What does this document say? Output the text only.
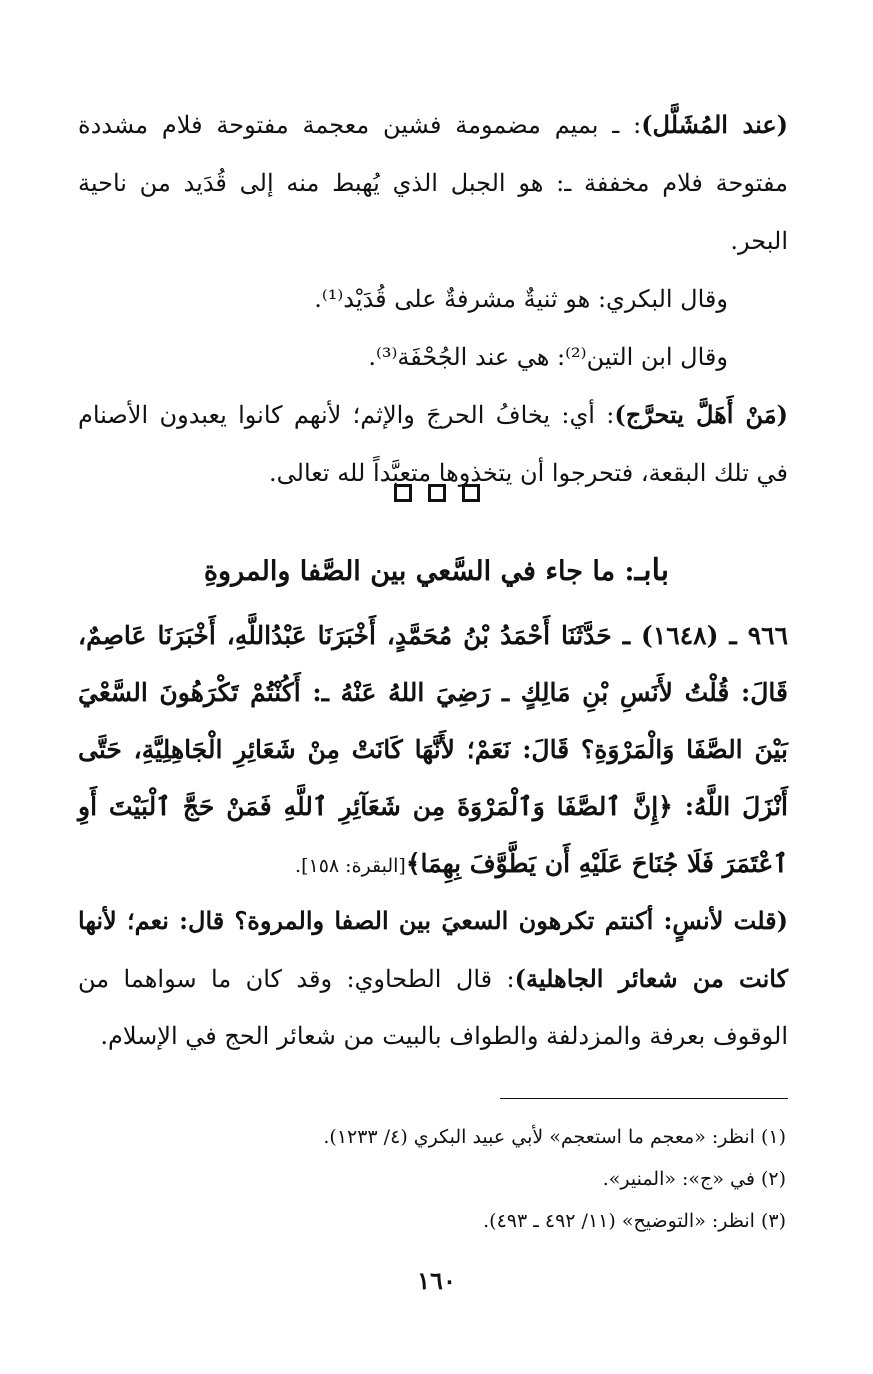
(عند المُشَلَّل): ـ بميم مضمومة فشين معجمة مفتوحة فلام مشددة مفتوحة فلام مخففة ـ: هو الجبل الذي يُهبط منه إلى قُدَيد من ناحية البحر.

وقال البكري: هو ثنيةٌ مشرفةٌ على قُدَيْد⁽¹⁾.

وقال ابن التين⁽²⁾: هي عند الجُحْفَة⁽³⁾.

(مَنْ أَهَلَّ يتحرَّج): أي: يخافُ الحرجَ والإثم؛ لأنهم كانوا يعبدون الأصنام في تلك البقعة، فتحرجوا أن يتخذوها متعبَّداً لله تعالى.

بابـ: ما جاء في السَّعي بين الصَّفا والمروةِ

٩٦٦ ـ (١٦٤٨) ـ حَدَّثَنَا أَحْمَدُ بْنُ مُحَمَّدٍ، أَخْبَرَنَا عَبْدُاللَّهِ، أَخْبَرَنَا عَاصِمٌ، قَالَ: قُلْتُ لأَنَسِ بْنِ مَالِكٍ ـ رَضِيَ اللهُ عَنْهُ ـ: أَكُنْتُمْ تَكْرَهُونَ السَّعْيَ بَيْنَ الصَّفَا وَالْمَرْوَةِ؟ قَالَ: نَعَمْ؛ لأَنَّهَا كَانَتْ مِنْ شَعَائِرِ الْجَاهِلِيَّةِ، حَتَّى أَنْزَلَ اللَّهُ: ﴿إِنَّ ٱلصَّفَا وَٱلْمَرْوَةَ مِن شَعَآئِرِ ٱللَّهِ فَمَنْ حَجَّ ٱلْبَيْتَ أَوِ ٱعْتَمَرَ فَلَا جُنَاحَ عَلَيْهِ أَن يَطَّوَّفَ بِهِمَا﴾[البقرة: ١٥٨].

(قلت لأنسٍ: أكنتم تكرهون السعيَ بين الصفا والمروة؟ قال: نعم؛ لأنها كانت من شعائر الجاهلية): قال الطحاوي: وقد كان ما سواهما من الوقوف بعرفة والمزدلفة والطواف بالبيت من شعائر الحج في الإسلام.

(١) انظر: «معجم ما استعجم» لأبي عبيد البكري (٤/ ١٢٣٣).

(٢) في «ج»: «المنير».

(٣) انظر: «التوضيح» (١١/ ٤٩٢ ـ ٤٩٣).

١٦٠
